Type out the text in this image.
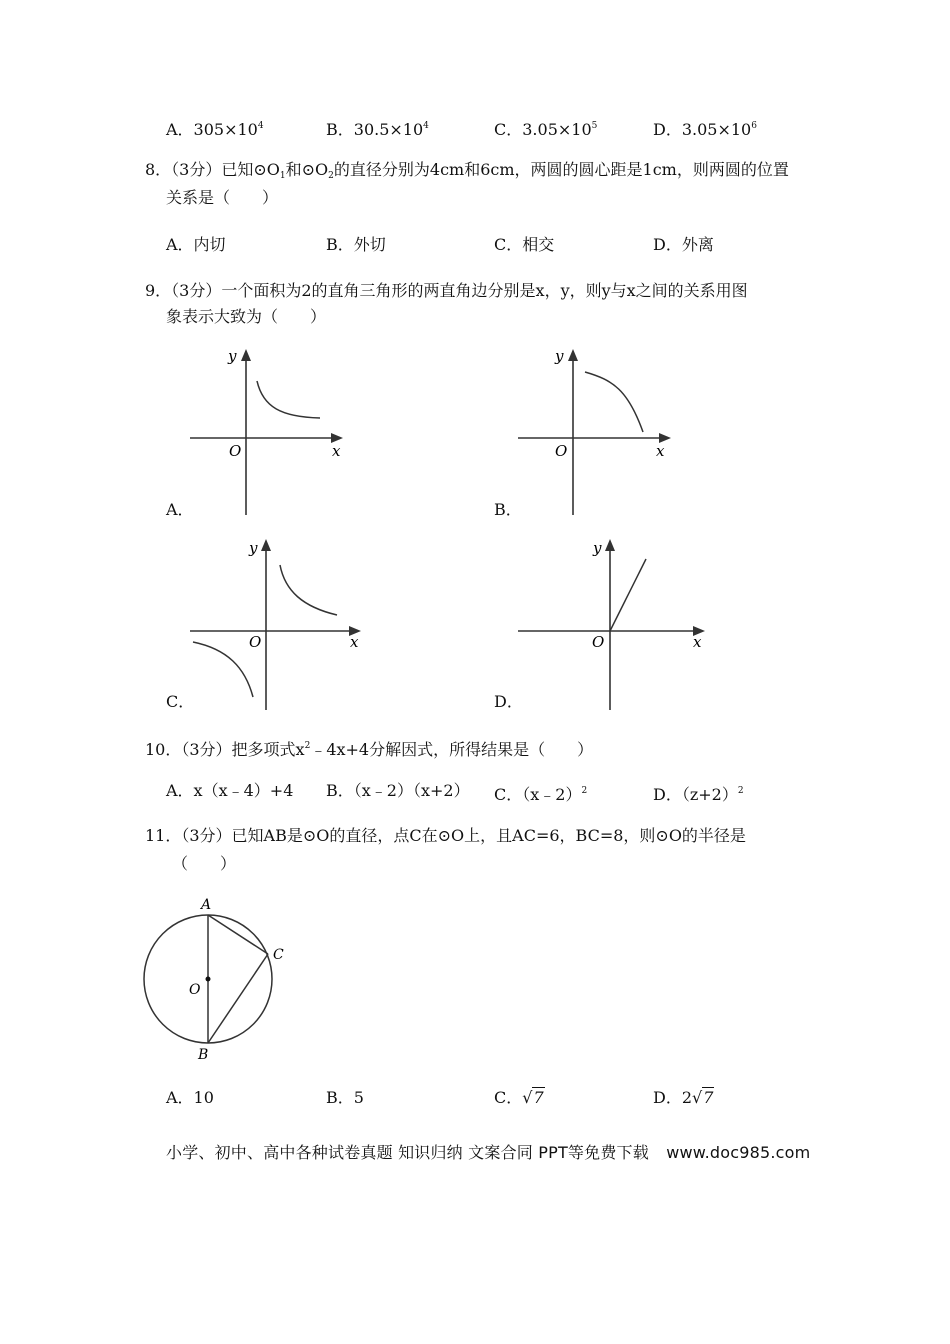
A．$305\times 10^4$	B．$30.5\times 10^4$	C．$3.05\times 10^5$	D．$3.05\times 10^6$
8．（3分）已知$⊙O_1$和$⊙O_2$的直径分别为4cm和6cm，两圆的圆心距是1cm，则两圆的位置
关系是（　　）
A．内切	B．外切	C．相交	D．外离
9．（3分）一个面积为2的直角三角形的两直角边分别是x，y，则y与x之间的关系用图
象表示大致为（　　）
y
x
O
A．
y
x
O
B．
y
x
O
C．
y
x
O
D．
10．（3分）把多项式$x^2﹣4x+4$分解因式，所得结果是（　　）
A．x（x﹣4）+4 B．（x﹣2）（x+2） C．（x﹣2）$^2$	D．$(z+2)^2$
11．（3分）已知AB是⊙O的直径，点C在⊙O上，且AC=6，BC=8，则⊙O的半径是
（　　）
A
C
O
B
A．10	B．5	C．√7	D．2√7
小学、初中、高中各种试卷真题 知识归纳 文案合同 PPT等免费下载 www.doc985.com
